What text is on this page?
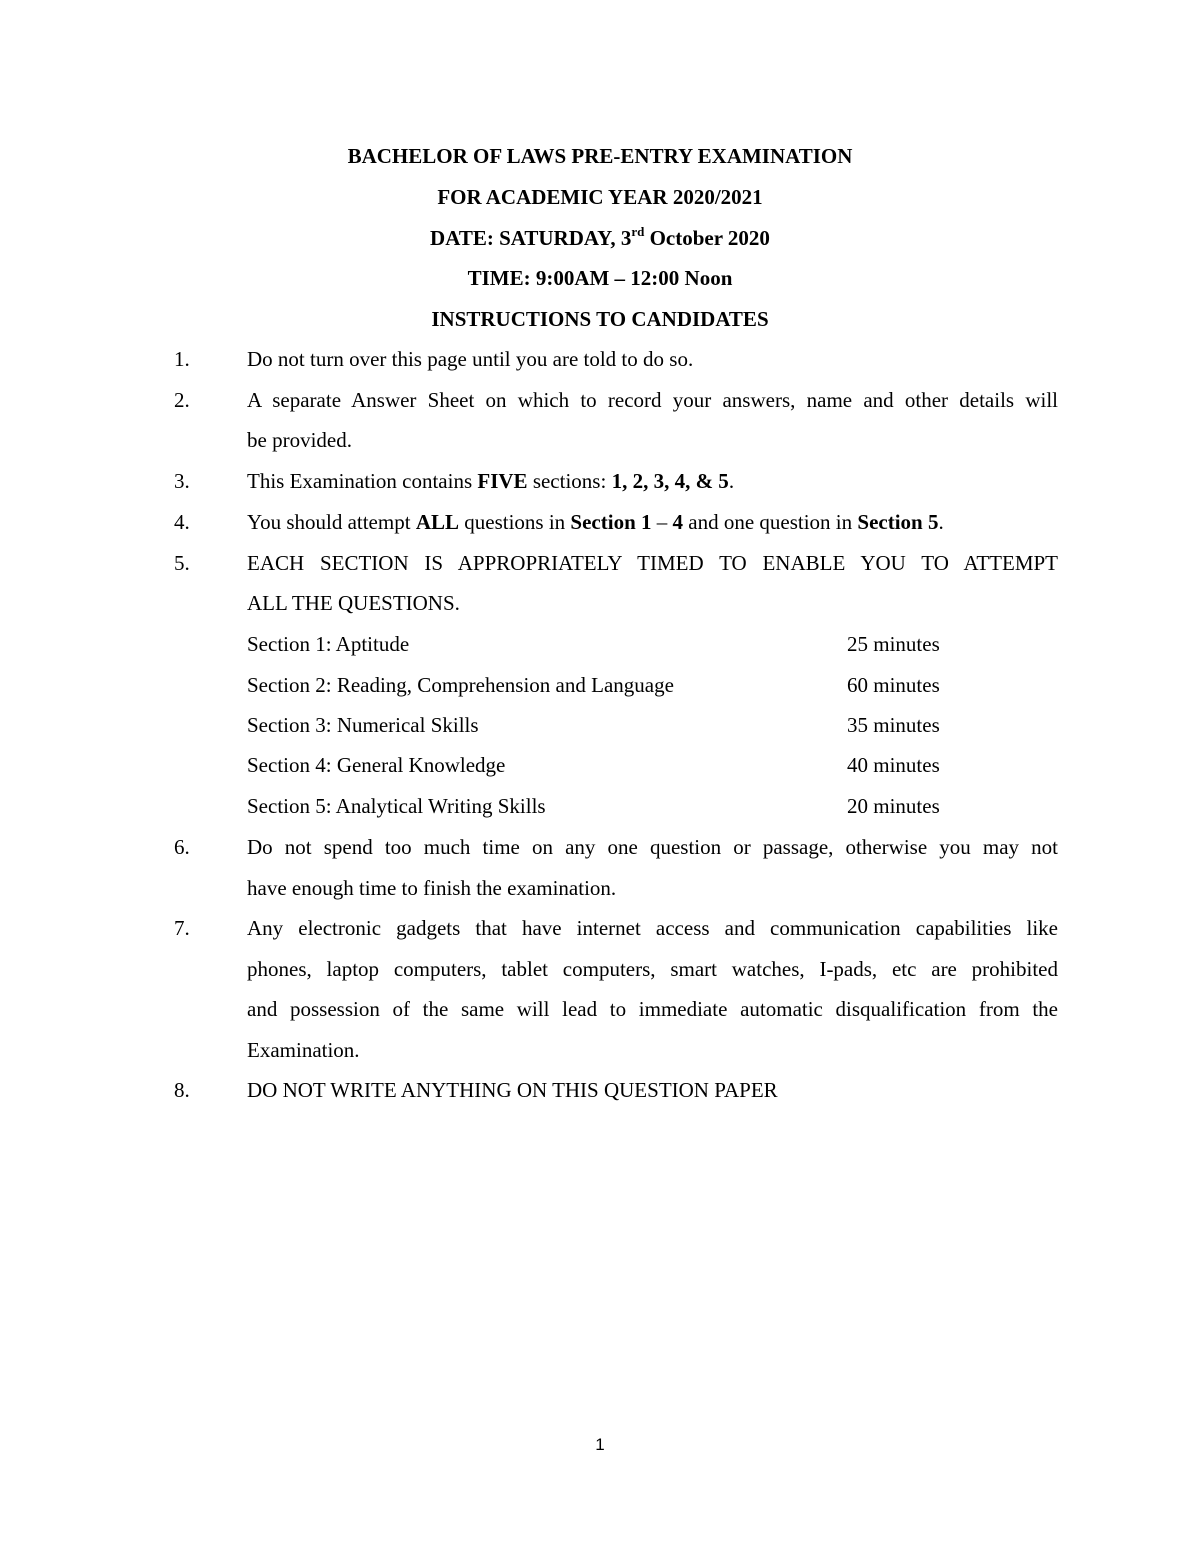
BACHELOR OF LAWS PRE-ENTRY EXAMINATION
FOR ACADEMIC YEAR 2020/2021
DATE: SATURDAY, 3rd October 2020
TIME: 9:00AM – 12:00 Noon
INSTRUCTIONS TO CANDIDATES
1.	Do not turn over this page until you are told to do so.
2.	A separate Answer Sheet on which to record your answers, name and other details will
be provided.
3.	This Examination contains FIVE sections: 1, 2, 3, 4, & 5.
4.	You should attempt ALL questions in Section 1 – 4 and one question in Section 5.
5.	EACH SECTION IS APPROPRIATELY TIMED TO ENABLE YOU TO ATTEMPT
ALL THE QUESTIONS.
Section 1: Aptitude	25 minutes
Section 2: Reading, Comprehension and Language	60 minutes
Section 3: Numerical Skills	35 minutes
Section 4: General Knowledge	40 minutes
Section 5: Analytical Writing Skills	20 minutes
6.	Do not spend too much time on any one question or passage, otherwise you may not
have enough time to finish the examination.
7.	Any electronic gadgets that have internet access and communication capabilities like
phones, laptop computers, tablet computers, smart watches, I-pads, etc are prohibited
and possession of the same will lead to immediate automatic disqualification from the
Examination.
8.	DO NOT WRITE ANYTHING ON THIS QUESTION PAPER
1
